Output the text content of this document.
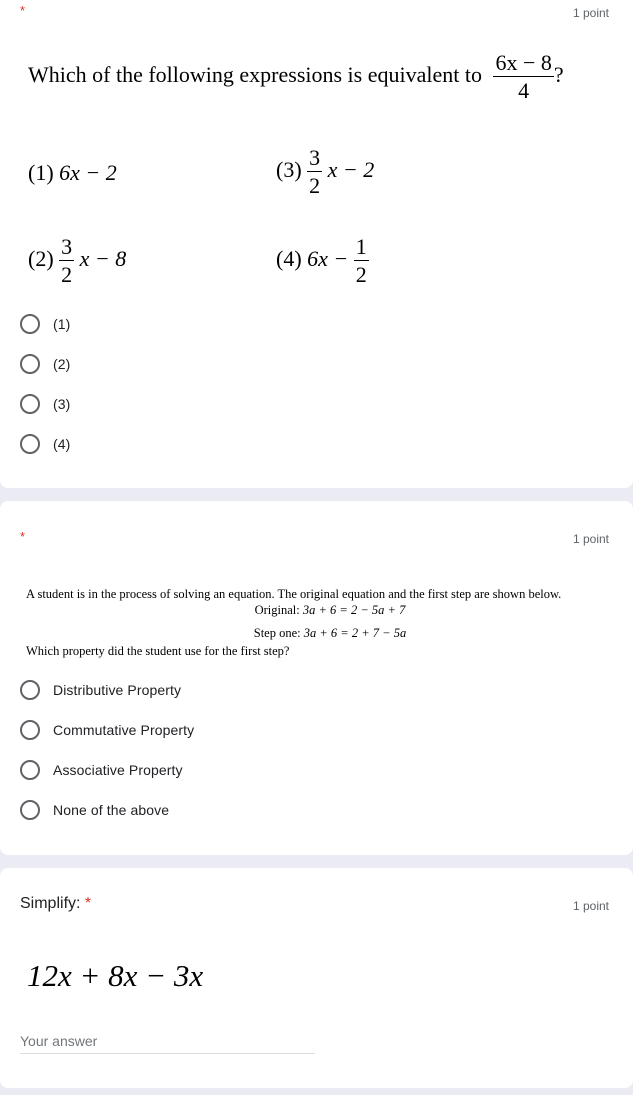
*	1 point
Which of the following expressions is equivalent to $\frac{6x - 8}{4}$ ?
(1) 6x − 2	$(3) \frac{3}{2}$ x − 2
$(2) \frac{3}{2}$ x − 8	(4) $6x - \frac{1}{2}$
(1)
(2)
(3)
(4)
*	1 point
A student is in the process of solving an equation. The original equation and the first step are shown below.
Original: 3a + 6 = 2 − 5a + 7
Step one: 3a + 6 = 2 + 7 − 5a
Which property did the student use for the first step?
Distributive Property
Commutative Property
Associative Property
None of the above
Simplify: *	1 point
12x + 8x − 3x
Your answer
